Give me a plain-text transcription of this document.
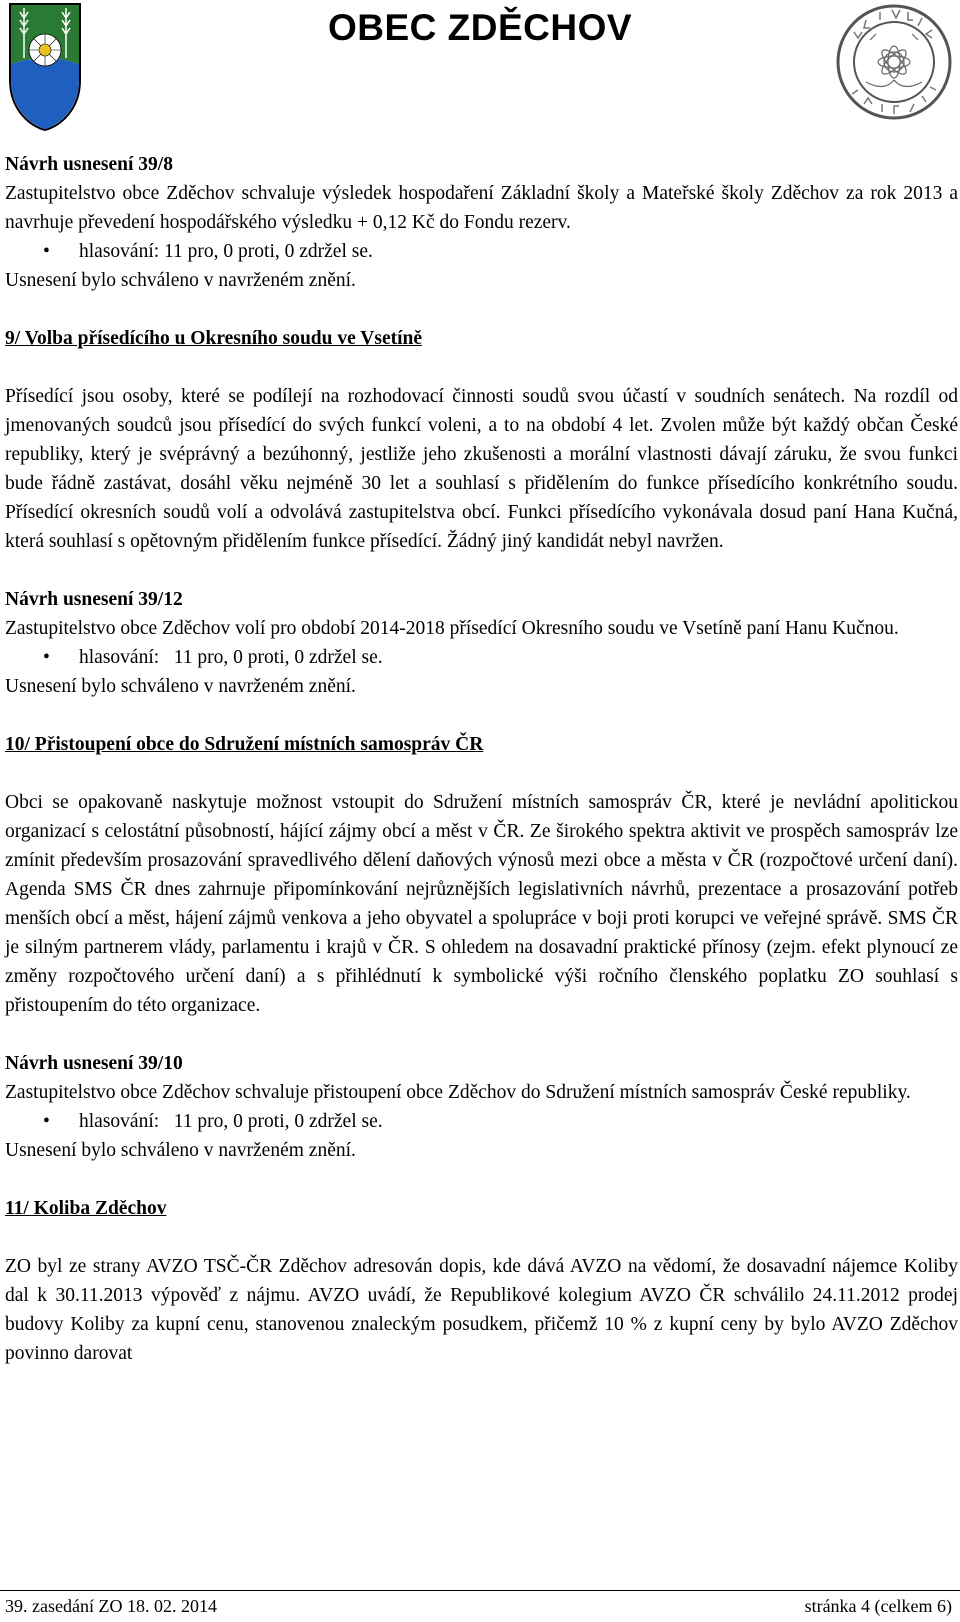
OBEC ZDĚCHOV

Návrh usnesení 39/8

Zastupitelstvo obce Zděchov schvaluje výsledek hospodaření Základní školy a Mateřské školy Zděchov za rok 2013 a navrhuje převedení hospodářského výsledku + 0,12 Kč do Fondu rezerv.

• hlasování: 11 pro, 0 proti, 0 zdržel se.

Usnesení bylo schváleno v navrženém znění.

9/ Volba přísedícího u Okresního soudu ve Vsetíně

Přísedící jsou osoby, které se podílejí na rozhodovací činnosti soudů svou účastí v soudních senátech. Na rozdíl od jmenovaných soudců jsou přísedící do svých funkcí voleni, a to na období 4 let. Zvolen může být každý občan České republiky, který je svéprávný a bezúhonný, jestliže jeho zkušenosti a morální vlastnosti dávají záruku, že svou funkci bude řádně zastávat, dosáhl věku nejméně 30 let a souhlasí s přidělením do funkce přísedícího konkrétního soudu. Přísedící okresních soudů volí a odvolává zastupitelstva obcí. Funkci přísedícího vykonávala dosud paní Hana Kučná, která souhlasí s opětovným přidělením funkce přísedící. Žádný jiný kandidát nebyl navržen.

Návrh usnesení 39/12

Zastupitelstvo obce Zděchov volí pro období 2014-2018 přísedící Okresního soudu ve Vsetíně paní Hanu Kučnou.

• hlasování:   11 pro, 0 proti, 0 zdržel se.

Usnesení bylo schváleno v navrženém znění.

10/ Přistoupení obce do Sdružení místních samospráv ČR

Obci se opakovaně naskytuje možnost vstoupit do Sdružení místních samospráv ČR, které je nevládní apolitickou organizací s celostátní působností, hájící zájmy obcí a měst v ČR. Ze širokého spektra aktivit ve prospěch samospráv lze zmínit především prosazování spravedlivého dělení daňových výnosů mezi obce a města v ČR (rozpočtové určení daní). Agenda SMS ČR dnes zahrnuje připomínkování nejrůznějších legislativních návrhů, prezentace a prosazování potřeb menších obcí a měst, hájení zájmů venkova a jeho obyvatel a spolupráce v boji proti korupci ve veřejné správě. SMS ČR je silným partnerem vlády, parlamentu i krajů v ČR. S ohledem na dosavadní praktické přínosy (zejm. efekt plynoucí ze změny rozpočtového určení daní) a s přihlédnutí k symbolické výši ročního členského poplatku ZO souhlasí s přistoupením do této organizace.

Návrh usnesení 39/10

Zastupitelstvo obce Zděchov schvaluje přistoupení obce Zděchov do Sdružení místních samospráv České republiky.

• hlasování:   11 pro, 0 proti, 0 zdržel se.

Usnesení bylo schváleno v navrženém znění.

11/ Koliba Zděchov

ZO byl ze strany AVZO TSČ-ČR Zděchov adresován dopis, kde dává AVZO na vědomí, že dosavadní nájemce Koliby dal k 30.11.2013 výpověď z nájmu. AVZO uvádí, že Republikové kolegium AVZO ČR schválilo 24.11.2012 prodej budovy Koliby za kupní cenu, stanovenou znaleckým posudkem, přičemž 10 % z kupní ceny by bylo AVZO Zděchov povinno darovat

39. zasedání ZO 18. 02. 2014	stránka 4 (celkem 6)
